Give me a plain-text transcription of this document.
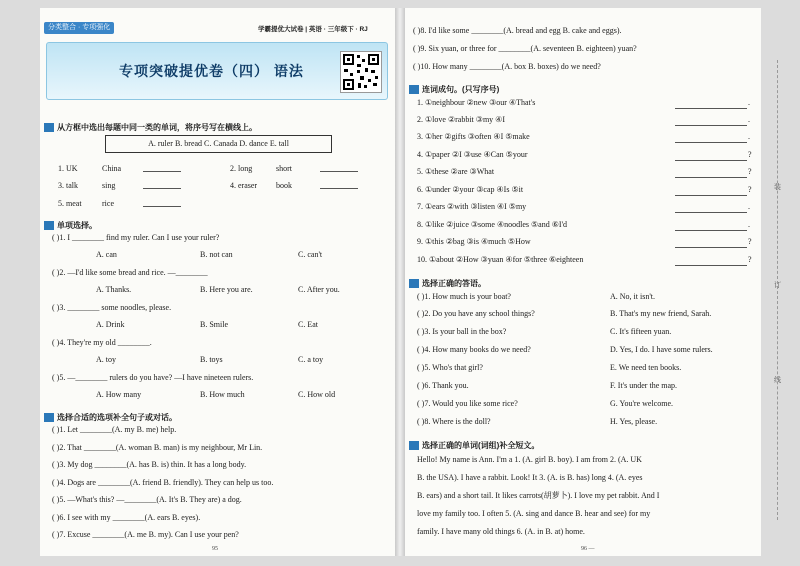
分类整合 · 专项强化	学霸提优大试卷 | 英语 · 三年级下 · RJ
专项突破提优卷（四） 语法
从方框中选出每题中同一类的单词，将序号写在横线上。
A. ruler B. bread C. Canada D. dance E. tall
1. UK	China	2. long	short
3. talk	sing	4. eraser book
5. meat	rice
单项选择。
( )1. I ________ find my ruler. Can I use your ruler?
A. can	B. not can	C. can't
( )2. —I'd like some bread and rice. —________
A. Thanks.	B. Here you are.	C. After you.
( )3. ________ some noodles, please.
A. Drink	B. Smile	C. Eat
( )4. They're my old ________.
A. toy	B. toys	C. a toy
( )5. —________ rulers do you have? —I have nineteen rulers.
A. How many	B. How much	C. How old
选择合适的选项补全句子或对话。
( )1. Let ________(A. my B. me) help.
( )2. That ________(A. woman B. man) is my neighbour, Mr Lin.
( )3. My dog ________(A. has B. is) thin. It has a long body.
( )4. Dogs are ________(A. friend B. friendly). They can help us too.
( )5. —What's this? —________(A. It's B. They are) a dog.
( )6. I see with my ________(A. ears B. eyes).
( )7. Excuse ________(A. me B. my). Can I use your pen?
95
( )8. I'd like some ________(A. bread and egg B. cake and eggs).
( )9. Six yuan, or three for ________(A. seventeen B. eighteen) yuan?
( )10. How many ________(A. box B. boxes) do we need?
连词成句。(只写序号)
1. ①neighbour ②new ③our ④That's	.
2. ①love ②rabbit ③my ④I	.
3. ①her ②gifts ③often ④I ⑤make	.
4. ①paper ②I ③use ④Can ⑤your	?
5. ①these ②are ③What	?
6. ①under ②your ③cap ④Is ⑤it	?
7. ①ears ②with ③listen ④I ⑤my	.
8. ①like ②juice ③some ④noodles ⑤and ⑥I'd	.
9. ①this ②bag ③is ④much ⑤How	?
10. ①about ②How ③yuan ④for ⑤three ⑥eighteen	?
选择正确的答语。
( )1. How much is your boat?	A. No, it isn't.
( )2. Do you have any school things?	B. That's my new friend, Sarah.
( )3. Is your ball in the box?	C. It's fifteen yuan.
( )4. How many books do we need?	D. Yes, I do. I have some rulers.
( )5. Who's that girl?	E. We need ten books.
( )6. Thank you.	F. It's under the map.
( )7. Would you like some rice?	G. You're welcome.
( )8. Where is the doll?	H. Yes, please.
选择正确的单词(词组)补全短文。
Hello! My name is Ann. I'm a 1. (A. girl B. boy). I am from 2. (A. UK
B. the USA). I have a rabbit. Look! It 3. (A. is B. has) long 4. (A. eyes
B. ears) and a short tail. It likes carrots(胡萝卜). I love my pet rabbit. And I
love my family too. I often 5. (A. sing and dance B. hear and see) for my
family. I have many old things 6. (A. in B. at) home.
96 —
装
订
线
